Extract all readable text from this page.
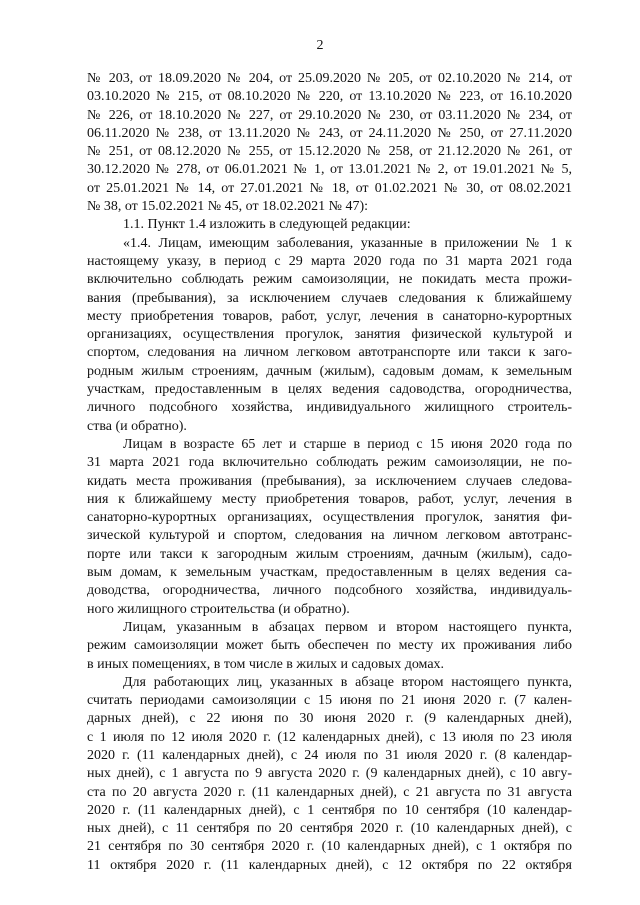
2

№ 203, от 18.09.2020 № 204, от 25.09.2020 № 205, от 02.10.2020 № 214, от
03.10.2020 № 215, от 08.10.2020 № 220, от 13.10.2020 № 223, от 16.10.2020
№ 226, от 18.10.2020 № 227, от 29.10.2020 № 230, от 03.11.2020 № 234, от
06.11.2020 № 238, от 13.11.2020 № 243, от 24.11.2020 № 250, от 27.11.2020
№ 251, от 08.12.2020 № 255, от 15.12.2020 № 258, от 21.12.2020 № 261, от
30.12.2020 № 278, от 06.01.2021 № 1, от 13.01.2021 № 2, от 19.01.2021 № 5,
от 25.01.2021 № 14, от 27.01.2021 № 18, от 01.02.2021 № 30, от 08.02.2021
№ 38, от 15.02.2021 № 45, от 18.02.2021 № 47):

1.1. Пункт 1.4 изложить в следующей редакции:

«1.4. Лицам, имеющим заболевания, указанные в приложении № 1 к
настоящему указу, в период с 29 марта 2020 года по 31 марта 2021 года
включительно соблюдать режим самоизоляции, не покидать места прожи-
вания (пребывания), за исключением случаев следования к ближайшему
месту приобретения товаров, работ, услуг, лечения в санаторно-курортных
организациях, осуществления прогулок, занятия физической культурой и
спортом, следования на личном легковом автотранспорте или такси к заго-
родным жилым строениям, дачным (жилым), садовым домам, к земельным
участкам, предоставленным в целях ведения садоводства, огородничества,
личного подсобного хозяйства, индивидуального жилищного строитель-
ства (и обратно).

Лицам в возрасте 65 лет и старше в период с 15 июня 2020 года по
31 марта 2021 года включительно соблюдать режим самоизоляции, не по-
кидать места проживания (пребывания), за исключением случаев следова-
ния к ближайшему месту приобретения товаров, работ, услуг, лечения в
санаторно-курортных организациях, осуществления прогулок, занятия фи-
зической культурой и спортом, следования на личном легковом автотранс-
порте или такси к загородным жилым строениям, дачным (жилым), садо-
вым домам, к земельным участкам, предоставленным в целях ведения са-
доводства, огородничества, личного подсобного хозяйства, индивидуаль-
ного жилищного строительства (и обратно).

Лицам, указанным в абзацах первом и втором настоящего пункта,
режим самоизоляции может быть обеспечен по месту их проживания либо
в иных помещениях, в том числе в жилых и садовых домах.

Для работающих лиц, указанных в абзаце втором настоящего пункта,
считать периодами самоизоляции с 15 июня по 21 июня 2020 г. (7 кален-
дарных дней), с 22 июня по 30 июня 2020 г. (9 календарных дней),
с 1 июля по 12 июля 2020 г. (12 календарных дней), с 13 июля по 23 июля
2020 г. (11 календарных дней), с 24 июля по 31 июля 2020 г. (8 календар-
ных дней), с 1 августа по 9 августа 2020 г. (9 календарных дней), с 10 авгу-
ста по 20 августа 2020 г. (11 календарных дней), с 21 августа по 31 августа
2020 г. (11 календарных дней), с 1 сентября по 10 сентября (10 календар-
ных дней), с 11 сентября по 20 сентября 2020 г. (10 календарных дней), с
21 сентября по 30 сентября 2020 г. (10 календарных дней), с 1 октября по
11 октября 2020 г. (11 календарных дней), с 12 октября по 22 октября
